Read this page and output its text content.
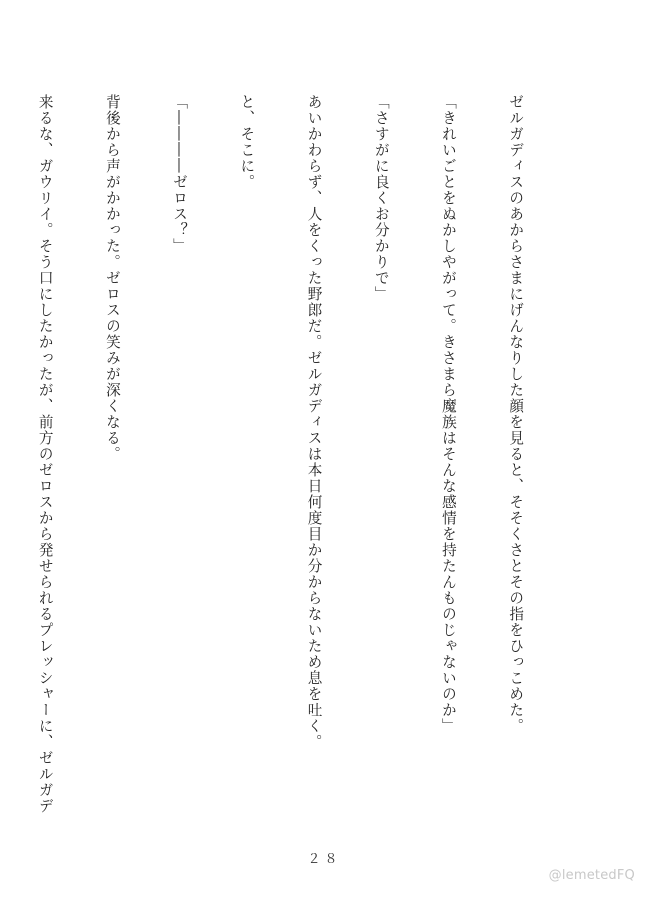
ゼルガディスのあからさまにげんなりした顔を見ると、そそくさとその指をひっこめた。

「きれいごとをぬかしやがって。きさまら魔族はそんな感情を持たんものじゃないのか」

「さすがに良くお分かりで」

あいかわらず、人をくった野郎だ。ゼルガディスは本日何度目か分からないため息を吐く。

と、そこに。

「――――ゼロス？」

背後から声がかかった。ゼロスの笑みが深くなる。

来るな、ガウリイ。そう口にしたかったが、前方のゼロスから発せられるプレッシャーに、ゼルガデ

２８
@lemetedFQ
